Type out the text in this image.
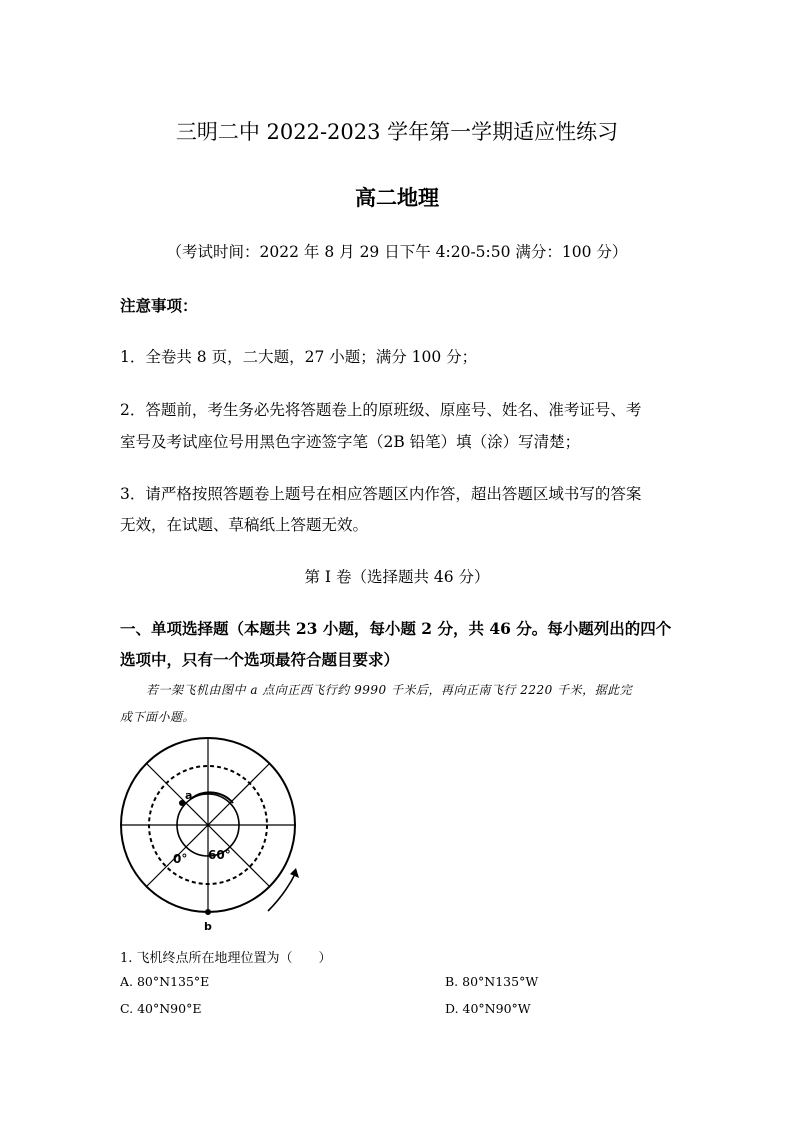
三明二中 2022-2023 学年第一学期适应性练习
高二地理
（考试时间：2022 年 8 月 29 日下午 4:20-5:50 满分：100 分）
注意事项：
1．全卷共 8 页，二大题，27 小题；满分 100 分；
2．答题前，考生务必先将答题卷上的原班级、原座号、姓名、准考证号、考
室号及考试座位号用黑色字迹签字笔（2B 铅笔）填（涂）写清楚；
3．请严格按照答题卷上题号在相应答题区内作答，超出答题区域书写的答案
无效，在试题、草稿纸上答题无效。
第 I 卷（选择题共 46 分）
一、单项选择题（本题共 23 小题，每小题 2 分，共 46 分。每小题列出的四个
选项中，只有一个选项最符合题目要求）
若一架飞机由图中 a 点向正西飞行约 9990 千米后，再向正南飞行 2220 千米，据此完
成下面小题。
a
b
0° 60°
1. 飞机终点所在地理位置为（　　）
A. 80°N135°E	B. 80°N135°W
C. 40°N90°E	D. 40°N90°W
